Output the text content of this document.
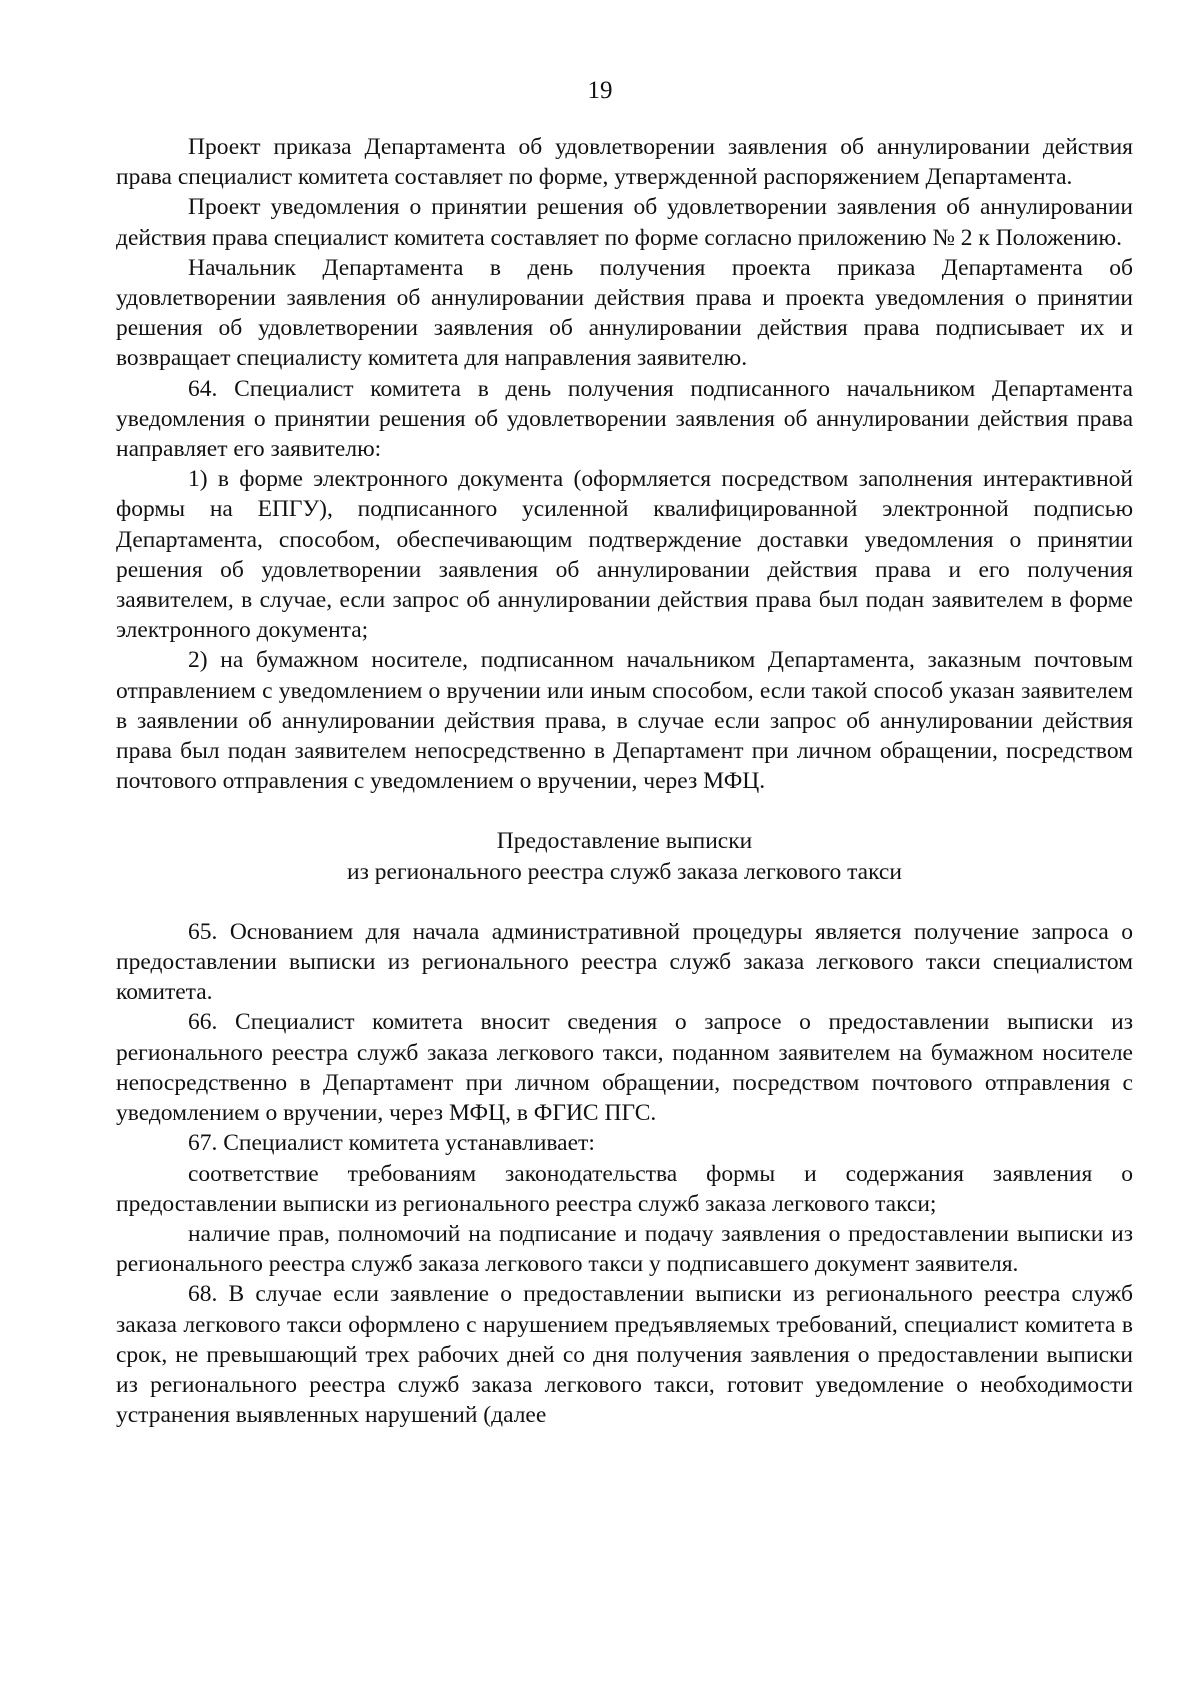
19

Проект приказа Департамента об удовлетворении заявления об аннулировании действия права специалист комитета составляет по форме, утвержденной распоряжением Департамента.

Проект уведомления о принятии решения об удовлетворении заявления об аннулировании действия права специалист комитета составляет по форме согласно приложению № 2 к Положению.

Начальник Департамента в день получения проекта приказа Департамента об удовлетворении заявления об аннулировании действия права и проекта уведомления о принятии решения об удовлетворении заявления об аннулировании действия права подписывает их и возвращает специалисту комитета для направления заявителю.

64. Специалист комитета в день получения подписанного начальником Департамента уведомления о принятии решения об удовлетворении заявления об аннулировании действия права направляет его заявителю:

1) в форме электронного документа (оформляется посредством заполнения интерактивной формы на ЕПГУ), подписанного усиленной квалифицированной электронной подписью Департамента, способом, обеспечивающим подтверждение доставки уведомления о принятии решения об удовлетворении заявления об аннулировании действия права и его получения заявителем, в случае, если запрос об аннулировании действия права был подан заявителем в форме электронного документа;

2) на бумажном носителе, подписанном начальником Департамента, заказным почтовым отправлением с уведомлением о вручении или иным способом, если такой способ указан заявителем в заявлении об аннулировании действия права, в случае если запрос об аннулировании действия права был подан заявителем непосредственно в Департамент при личном обращении, посредством почтового отправления с уведомлением о вручении, через МФЦ.

Предоставление выписки
из регионального реестра служб заказа легкового такси

65. Основанием для начала административной процедуры является получение запроса о предоставлении выписки из регионального реестра служб заказа легкового такси специалистом комитета.

66. Специалист комитета вносит сведения о запросе о предоставлении выписки из регионального реестра служб заказа легкового такси, поданном заявителем на бумажном носителе непосредственно в Департамент при личном обращении, посредством почтового отправления с уведомлением о вручении, через МФЦ, в ФГИС ПГС.

67. Специалист комитета устанавливает:

соответствие требованиям законодательства формы и содержания заявления о предоставлении выписки из регионального реестра служб заказа легкового такси;

наличие прав, полномочий на подписание и подачу заявления о предоставлении выписки из регионального реестра служб заказа легкового такси у подписавшего документ заявителя.

68. В случае если заявление о предоставлении выписки из регионального реестра служб заказа легкового такси оформлено с нарушением предъявляемых требований, специалист комитета в срок, не превышающий трех рабочих дней со дня получения заявления о предоставлении выписки из регионального реестра служб заказа легкового такси, готовит уведомление о необходимости устранения выявленных нарушений (далее
